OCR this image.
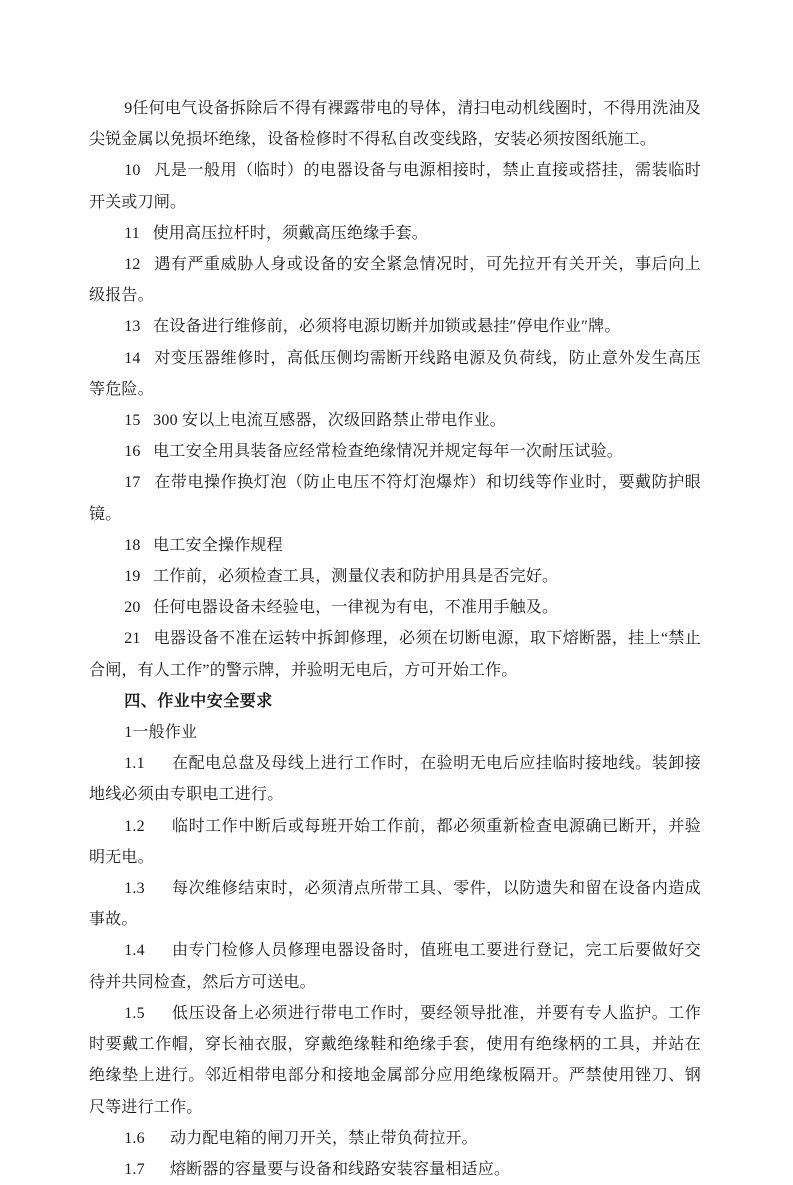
9任何电气设备拆除后不得有裸露带电的导体，清扫电动机线圈时，不得用洗油及尖锐金属以免损坏绝缘，设备检修时不得私自改变线路，安装必须按图纸施工。

10   凡是一般用（临时）的电器设备与电源相接时，禁止直接或搭挂，需装临时开关或刀闸。

11   使用高压拉杆时，须戴高压绝缘手套。

12   遇有严重威胁人身或设备的安全紧急情况时，可先拉开有关开关，事后向上级报告。

13   在设备进行维修前，必须将电源切断并加锁或悬挂″停电作业″牌。

14   对变压器维修时，高低压侧均需断开线路电源及负荷线，防止意外发生高压等危险。

15   300 安以上电流互感器，次级回路禁止带电作业。

16   电工安全用具装备应经常检查绝缘情况并规定每年一次耐压试验。

17   在带电操作换灯泡（防止电压不符灯泡爆炸）和切线等作业时，要戴防护眼镜。

18   电工安全操作规程

19   工作前，必须检查工具，测量仪表和防护用具是否完好。

20   任何电器设备未经验电，一律视为有电，不准用手触及。

21   电器设备不准在运转中拆卸修理，必须在切断电源，取下熔断器，挂上“禁止合闸，有人工作”的警示牌，并验明无电后，方可开始工作。

四、作业中安全要求

1一般作业

1.1      在配电总盘及母线上进行工作时，在验明无电后应挂临时接地线。装卸接地线必须由专职电工进行。

1.2      临时工作中断后或每班开始工作前，都必须重新检查电源确已断开，并验明无电。

1.3      每次维修结束时，必须清点所带工具、零件，以防遗失和留在设备内造成事故。

1.4      由专门检修人员修理电器设备时，值班电工要进行登记，完工后要做好交待并共同检查，然后方可送电。

1.5      低压设备上必须进行带电工作时，要经领导批准，并要有专人监护。工作时要戴工作帽，穿长袖衣服，穿戴绝缘鞋和绝缘手套，使用有绝缘柄的工具，并站在绝缘垫上进行。邻近相带电部分和接地金属部分应用绝缘板隔开。严禁使用锉刀、钢尺等进行工作。

1.6      动力配电箱的闸刀开关，禁止带负荷拉开。

1.7      熔断器的容量要与设备和线路安装容量相适应。
